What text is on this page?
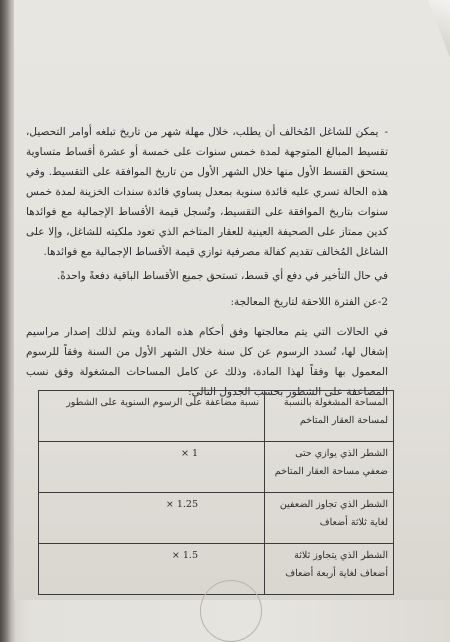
-يمكن للشاغل المُخالف أن يطلب، خلال مهلة شهر من تاريخ تبلغه أوامر التحصيل، تقسيط المبالغ المتوجهة لمدة خمس سنوات على خمسة أو عشرة أقساط متساوية يستحق القسط الأول منها خلال الشهر الأول من تاريخ الموافقة على التقسيط. وفي هذه الحالة تسري عليه فائدة سنوية بمعدل يساوي فائدة سندات الخزينة لمدة خمس سنوات بتاريخ الموافقة على التقسيط، وتُسجل قيمة الأقساط الإجمالية مع فوائدها كدين ممتاز على الصحيفة العينية للعقار المتاخم الذي تعود ملكيته للشاغل، وإلا على الشاغل المُخالف تقديم كفالة مصرفية توازي قيمة الأقساط الإجمالية مع فوائدها.

في حال التأخير في دفع أي قسط، تستحق جميع الأقساط الباقية دفعةً واحدةً.

2-عن الفترة اللاحقة لتاريخ المعالجة:

في الحالات التي يتم معالجتها وفق أحكام هذه المادة ويتم لذلك إصدار مراسيم إشغال لها، تُسدد الرسوم عن كل سنة خلال الشهر الأول من السنة وفقاً للرسوم المعمول بها وفقاً لهذا المادة، وذلك عن كامل المساحات المشغولة وفق نسب المضاعفة على الشطور بحسب الجدول التالي:

المساحة المشغولة بالنسبة لمساحة العقار المتاخم	نسبة مضاعفة على الرسوم السنوية على الشطور
الشطر الذي يوازي حتى ضعفي مساحة العقار المتاخم	1 ×
الشطر الذي تجاوز الضعفين لغاية ثلاثة أضعاف	1.25 ×
الشطر الذي يتجاوز ثلاثة أضعاف لغاية أربعة أضعاف	1.5 ×
